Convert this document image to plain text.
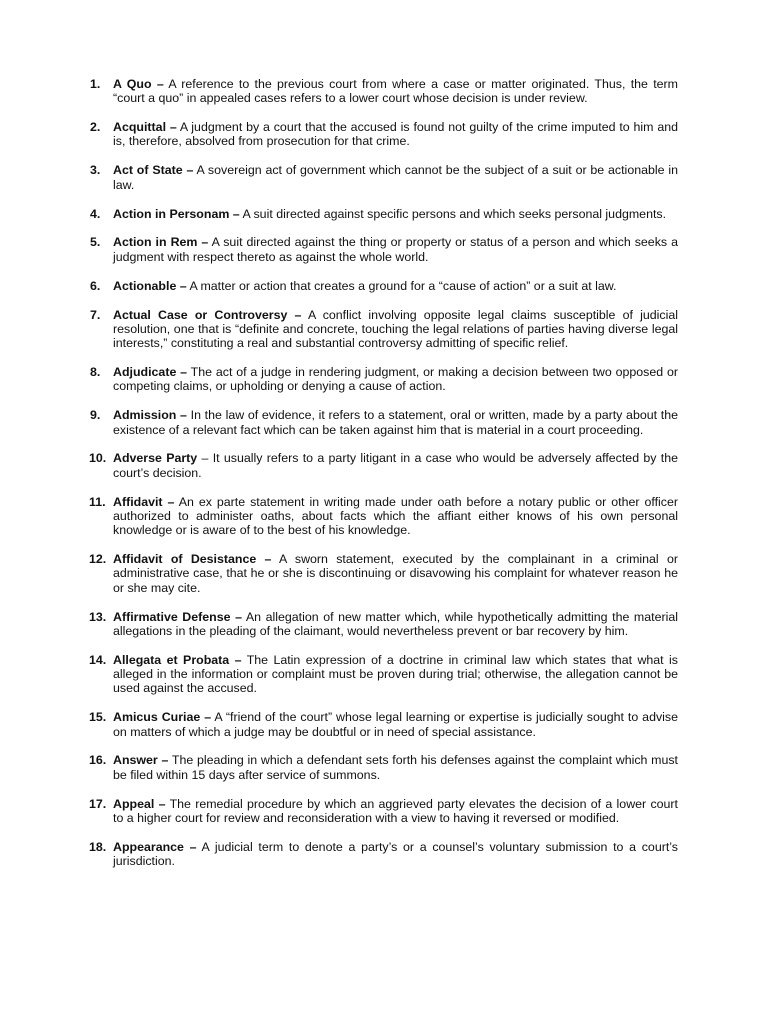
1. A Quo – A reference to the previous court from where a case or matter originated. Thus, the term “court a quo” in appealed cases refers to a lower court whose decision is under review.
2. Acquittal – A judgment by a court that the accused is found not guilty of the crime imputed to him and is, therefore, absolved from prosecution for that crime.
3. Act of State – A sovereign act of government which cannot be the subject of a suit or be actionable in law.
4. Action in Personam – A suit directed against specific persons and which seeks personal judgments.
5. Action in Rem – A suit directed against the thing or property or status of a person and which seeks a judgment with respect thereto as against the whole world.
6. Actionable – A matter or action that creates a ground for a “cause of action” or a suit at law.
7. Actual Case or Controversy – A conflict involving opposite legal claims susceptible of judicial resolution, one that is “definite and concrete, touching the legal relations of parties having diverse legal interests,” constituting a real and substantial controversy admitting of specific relief.
8. Adjudicate – The act of a judge in rendering judgment, or making a decision between two opposed or competing claims, or upholding or denying a cause of action.
9. Admission – In the law of evidence, it refers to a statement, oral or written, made by a party about the existence of a relevant fact which can be taken against him that is material in a court proceeding.
10. Adverse Party – It usually refers to a party litigant in a case who would be adversely affected by the court’s decision.
11. Affidavit – An ex parte statement in writing made under oath before a notary public or other officer authorized to administer oaths, about facts which the affiant either knows of his own personal knowledge or is aware of to the best of his knowledge.
12. Affidavit of Desistance – A sworn statement, executed by the complainant in a criminal or administrative case, that he or she is discontinuing or disavowing his complaint for whatever reason he or she may cite.
13. Affirmative Defense – An allegation of new matter which, while hypothetically admitting the material allegations in the pleading of the claimant, would nevertheless prevent or bar recovery by him.
14. Allegata et Probata – The Latin expression of a doctrine in criminal law which states that what is alleged in the information or complaint must be proven during trial; otherwise, the allegation cannot be used against the accused.
15. Amicus Curiae – A “friend of the court” whose legal learning or expertise is judicially sought to advise on matters of which a judge may be doubtful or in need of special assistance.
16. Answer – The pleading in which a defendant sets forth his defenses against the complaint which must be filed within 15 days after service of summons.
17. Appeal – The remedial procedure by which an aggrieved party elevates the decision of a lower court to a higher court for review and reconsideration with a view to having it reversed or modified.
18. Appearance – A judicial term to denote a party’s or a counsel’s voluntary submission to a court’s jurisdiction.
